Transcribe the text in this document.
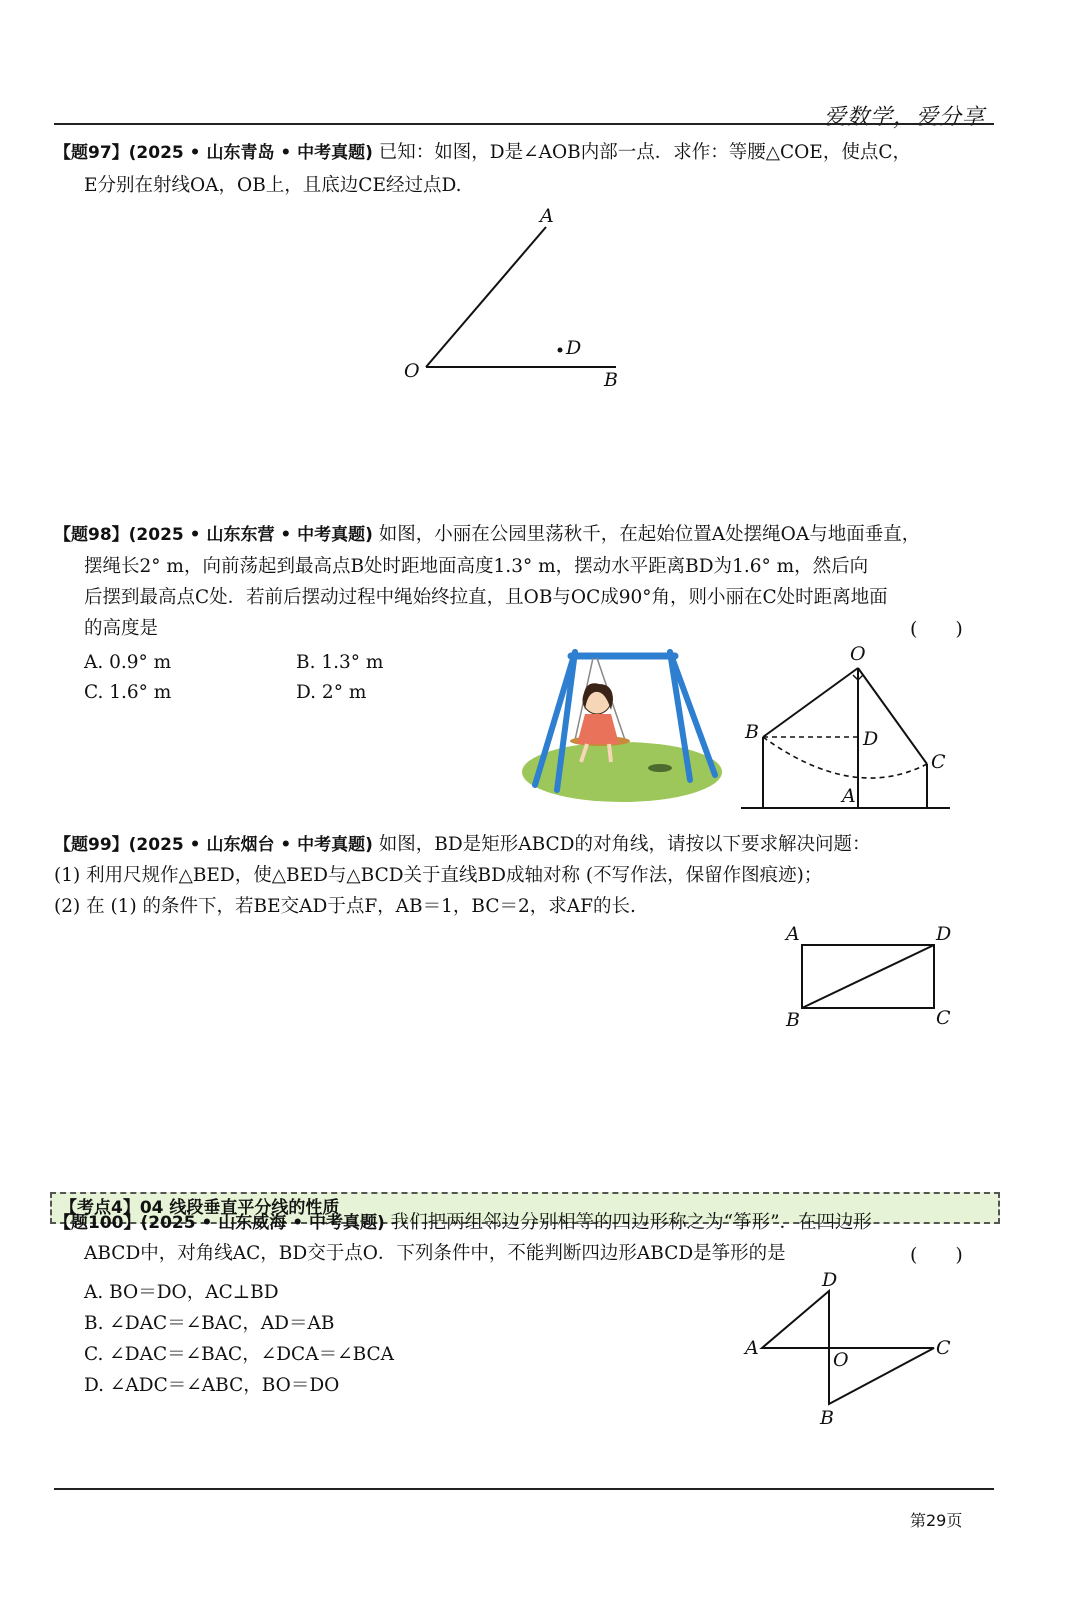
爱数学，爱分享
【题97】(2025 • 山东青岛 • 中考真题) 已知：如图，D是∠AOB内部一点．求作：等腰△COE，使点C，
E分别在射线OA，OB上，且底边CE经过点D.
A
O	B
D
【题98】(2025 • 山东东营 • 中考真题) 如图，小丽在公园里荡秋千，在起始位置A处摆绳OA与地面垂直，
摆绳长2° m，向前荡起到最高点B处时距地面高度1.3° m，摆动水平距离BD为1.6° m，然后向
后摆到最高点C处．若前后摆动过程中绳始终拉直，且OB与OC成90°角，则小丽在C处时距离地面
的高度是	(　　)
A. 0.9° m	B. 1.3° m
C. 1.6° m	D. 2° m
O
B	D
C
A
【题99】(2025 • 山东烟台 • 中考真题) 如图，BD是矩形ABCD的对角线，请按以下要求解决问题：
(1) 利用尺规作△BED，使△BED与△BCD关于直线BD成轴对称 (不写作法，保留作图痕迹)；
(2) 在 (1) 的条件下，若BE交AD于点F，AB＝1，BC＝2，求AF的长.
A	D
B	C
【考点4】04 线段垂直平分线的性质
【题100】(2025 • 山东威海 • 中考真题) 我们把两组邻边分别相等的四边形称之为“筝形”．在四边形
ABCD中，对角线AC，BD交于点O．下列条件中，不能判断四边形ABCD是筝形的是	(　　)
A. BO＝DO，AC⊥BD
B. ∠DAC＝∠BAC，AD＝AB
C. ∠DAC＝∠BAC，∠DCA＝∠BCA
D. ∠ADC＝∠ABC，BO＝DO
D
A
O
C
B
第29页
